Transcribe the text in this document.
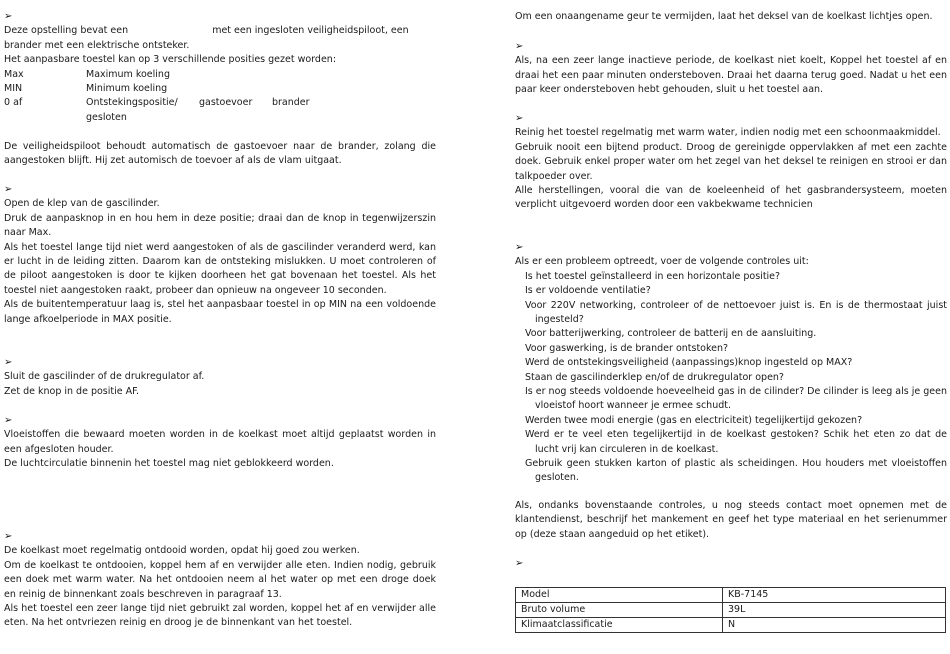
➢
Deze opstelling bevat een	met een ingesloten veiligheidspiloot, een
brander met een elektrische ontsteker.
Het aanpasbare toestel kan op 3 verschillende posities gezet worden:
Max	Maximum koeling
MIN	Minimum koeling
0 af	Ontstekingspositie/ gastoevoer brander
gesloten
De veiligheidspiloot behoudt automatisch de gastoevoer naar de brander, zolang die aangestoken blijft. Hij zet automisch de toevoer af als de vlam uitgaat.
➢
Open de klep van de gascilinder.
Druk de aanpasknop in en hou hem in deze positie; draai dan de knop in tegenwijzerszin naar Max.
Als het toestel lange tijd niet werd aangestoken of als de gascilinder veranderd werd, kan er lucht in de leiding zitten. Daarom kan de ontsteking mislukken. U moet controleren of de piloot aangestoken is door te kijken doorheen het gat bovenaan het toestel. Als het toestel niet aangestoken raakt, probeer dan opnieuw na ongeveer 10 seconden.
Als de buitentemperatuur laag is, stel het aanpasbaar toestel in op MIN na een voldoende lange afkoelperiode in MAX positie.
➢
Sluit de gascilinder of de drukregulator af.
Zet de knop in de positie AF.
➢
Vloeistoffen die bewaard moeten worden in de koelkast moet altijd geplaatst worden in een afgesloten houder.
De luchtcirculatie binnenin het toestel mag niet geblokkeerd worden.
➢
De koelkast moet regelmatig ontdooid worden, opdat hij goed zou werken.
Om de koelkast te ontdooien, koppel hem af en verwijder alle eten. Indien nodig, gebruik een doek met warm water. Na het ontdooien neem al het water op met een droge doek en reinig de binnenkant zoals beschreven in paragraaf 13.
Als het toestel een zeer lange tijd niet gebruikt zal worden, koppel het af en verwijder alle eten. Na het ontvriezen reinig en droog je de binnenkant van het toestel.
Om een onaangename geur te vermijden, laat het deksel van de koelkast lichtjes open.
➢
Als, na een zeer lange inactieve periode, de koelkast niet koelt, Koppel het toestel af en draai het een paar minuten ondersteboven. Draai het daarna terug goed. Nadat u het een paar keer ondersteboven hebt gehouden, sluit u het toestel aan.
➢
Reinig het toestel regelmatig met warm water, indien nodig met een schoonmaakmiddel.
Gebruik nooit een bijtend product. Droog de gereinigde oppervlakken af met een zachte doek. Gebruik enkel proper water om het zegel van het deksel te reinigen en strooi er dan talkpoeder over.
Alle herstellingen, vooral die van de koeleenheid of het gasbrandersysteem, moeten verplicht uitgevoerd worden door een vakbekwame technicien
➢
Als er een probleem optreedt, voer de volgende controles uit:
Is het toestel geïnstalleerd in een horizontale positie?
Is er voldoende ventilatie?
Voor 220V networking, controleer of de nettoevoer juist is. En is de thermostaat juist ingesteld?
Voor batterijwerking, controleer de batterij en de aansluiting.
Voor gaswerking, is de brander ontstoken?
Werd de ontstekingsveiligheid (aanpassings)knop ingesteld op MAX?
Staan de gascilinderklep en/of de drukregulator open?
Is er nog steeds voldoende hoeveelheid gas in de cilinder? De cilinder is leeg als je geen vloeistof hoort wanneer je ermee schudt.
Werden twee modi energie (gas en electriciteit) tegelijkertijd gekozen?
Werd er te veel eten tegelijkertijd in de koelkast gestoken? Schik het eten zo dat de lucht vrij kan circuleren in de koelkast.
Gebruik geen stukken karton of plastic als scheidingen. Hou houders met vloeistoffen gesloten.
Als, ondanks bovenstaande controles, u nog steeds contact moet opnemen met de klantendienst, beschrijf het mankement en geef het type materiaal en het serienummer op (deze staan aangeduid op het etiket).
➢
Model	KB-7145
Bruto volume	39L
Klimaatclassificatie	N
